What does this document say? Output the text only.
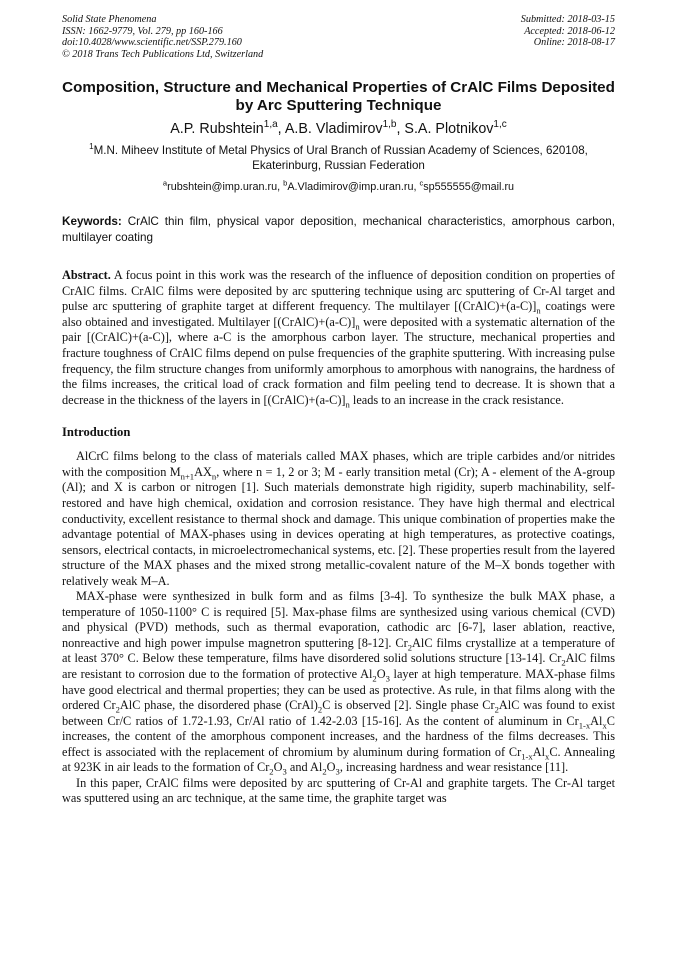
Solid State Phenomena
ISSN: 1662-9779, Vol. 279, pp 160-166
doi:10.4028/www.scientific.net/SSP.279.160
© 2018 Trans Tech Publications Ltd, Switzerland
Submitted: 2018-03-15
Accepted: 2018-06-12
Online: 2018-08-17
Composition, Structure and Mechanical Properties of CrAlC Films Deposited by Arc Sputtering Technique
A.P. Rubshtein$^{1,a}$, A.B. Vladimirov$^{1,b}$, S.A. Plotnikov$^{1,c}$
$^1$M.N. Miheev Institute of Metal Physics of Ural Branch of Russian Academy of Sciences, 620108, Ekaterinburg, Russian Federation
$^a$rubshtein@imp.uran.ru, $^b$A.Vladimirov@imp.uran.ru, $^c$sp555555@mail.ru
Keywords: CrAlC thin film, physical vapor deposition, mechanical characteristics, amorphous carbon, multilayer coating
Abstract. A focus point in this work was the research of the influence of deposition condition on properties of CrAlC films. CrAlC films were deposited by arc sputtering technique using arc sputtering of Cr-Al target and pulse arc sputtering of graphite target at different frequency. The multilayer $[(CrAlC)+(a-C)]_n$ coatings were also obtained and investigated. Multilayer $[(CrAlC)+(a-C)]_n$ were deposited with a systematic alternation of the pair [(CrAlC)+(a-C)], where a-C is the amorphous carbon layer. The structure, mechanical properties and fracture toughness of CrAlC films depend on pulse frequencies of the graphite sputtering. With increasing pulse frequency, the film structure changes from uniformly amorphous to amorphous with nanograins, the hardness of the films increases, the critical load of crack formation and film peeling tend to decrease. It is shown that a decrease in the thickness of the layers in $[(CrAlC)+(a-C)]_n$ leads to an increase in the crack resistance.
Introduction
AlCrC films belong to the class of materials called MAX phases, which are triple carbides and/or nitrides with the composition $M_{n+1}AX_n$, where n = 1, 2 or 3; M - early transition metal (Cr); A - element of the A-group (Al); and X is carbon or nitrogen [1]. Such materials demonstrate high rigidity, superb machinability, self-restored and have high chemical, oxidation and corrosion resistance. They have high thermal and electrical conductivity, excellent resistance to thermal shock and damage. This unique combination of properties make the advantage potential of MAX-phases using in devices operating at high temperatures, as protective coatings, sensors, electrical contacts, in microelectromechanical systems, etc. [2]. These properties result from the layered structure of the MAX phases and the mixed strong metallic-covalent nature of the M–X bonds together with relatively weak M–A.
MAX-phase were synthesized in bulk form and as films [3-4]. To synthesize the bulk MAX phase, a temperature of 1050-1100° C is required [5]. Max-phase films are synthesized using various chemical (CVD) and physical (PVD) methods, such as thermal evaporation, cathodic arc [6-7], laser ablation, reactive, nonreactive and high power impulse magnetron sputtering [8-12]. $Cr_2AlC$ films crystallize at a temperature of at least 370° C. Below these temperature, films have disordered solid solutions structure [13-14]. $Cr_2AlC$ films are resistant to corrosion due to the formation of protective $Al_2O_3$ layer at high temperature. MAX-phase films have good electrical and thermal properties; they can be used as protective. As rule, in that films along with the ordered $Cr_2AlC$ phase, the disordered phase $(CrAl)_2C$ is observed [2]. Single phase $Cr_2AlC$ was found to exist between Cr/C ratios of 1.72-1.93, Cr/Al ratio of 1.42-2.03 [15-16]. As the content of aluminum in $Cr_{1-x}Al_xC$ increases, the content of the amorphous component increases, and the hardness of the films decreases. This effect is associated with the replacement of chromium by aluminum during formation of $Cr_{1-x}Al_xC$. Annealing at 923K in air leads to the formation of $Cr_2O_3$ and $Al_2O_3$, increasing hardness and wear resistance [11].
In this paper, CrAlC films were deposited by arc sputtering of Cr-Al and graphite targets. The Cr-Al target was sputtered using an arc technique, at the same time, the graphite target was
